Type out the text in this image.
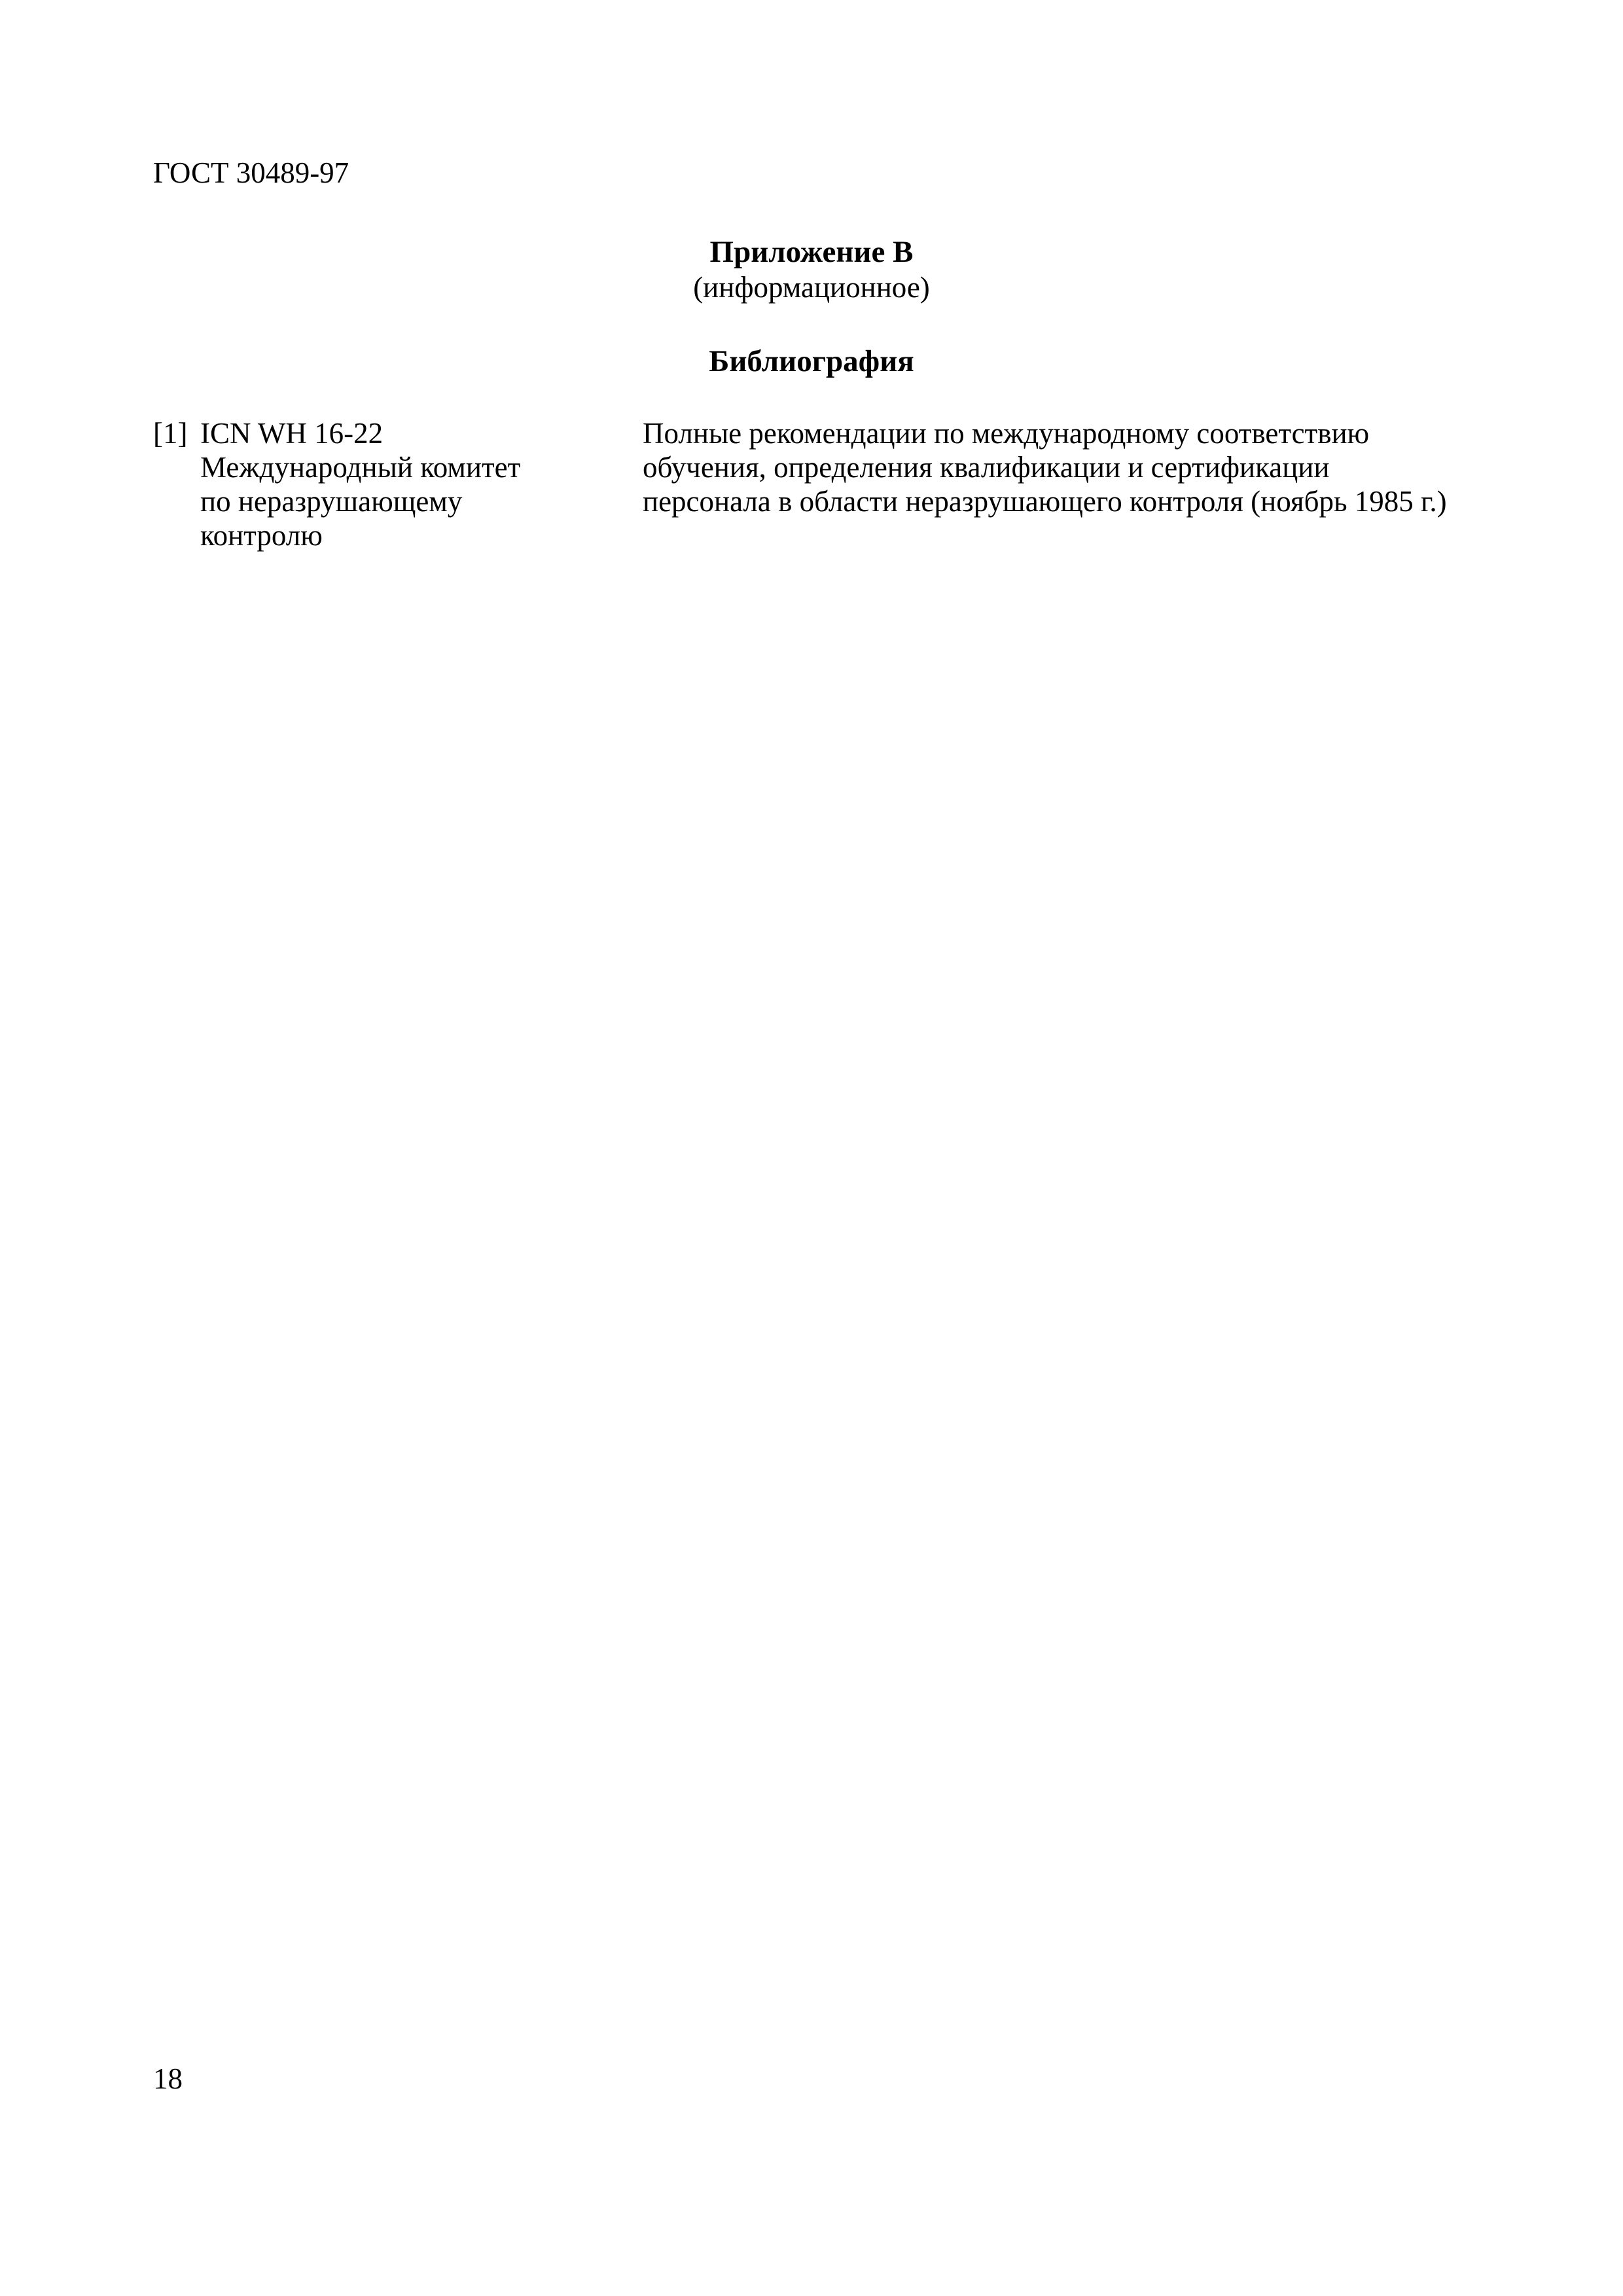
ГОСТ 30489-97
Приложение В
(информационное)
Библиография
[1] ICN WH 16-22
Международный комитет
по неразрушающему
контролю
Полные рекомендации по международному соответствию
обучения, определения квалификации и сертификации
персонала в области неразрушающего контроля (ноябрь 1985 г.)
18
